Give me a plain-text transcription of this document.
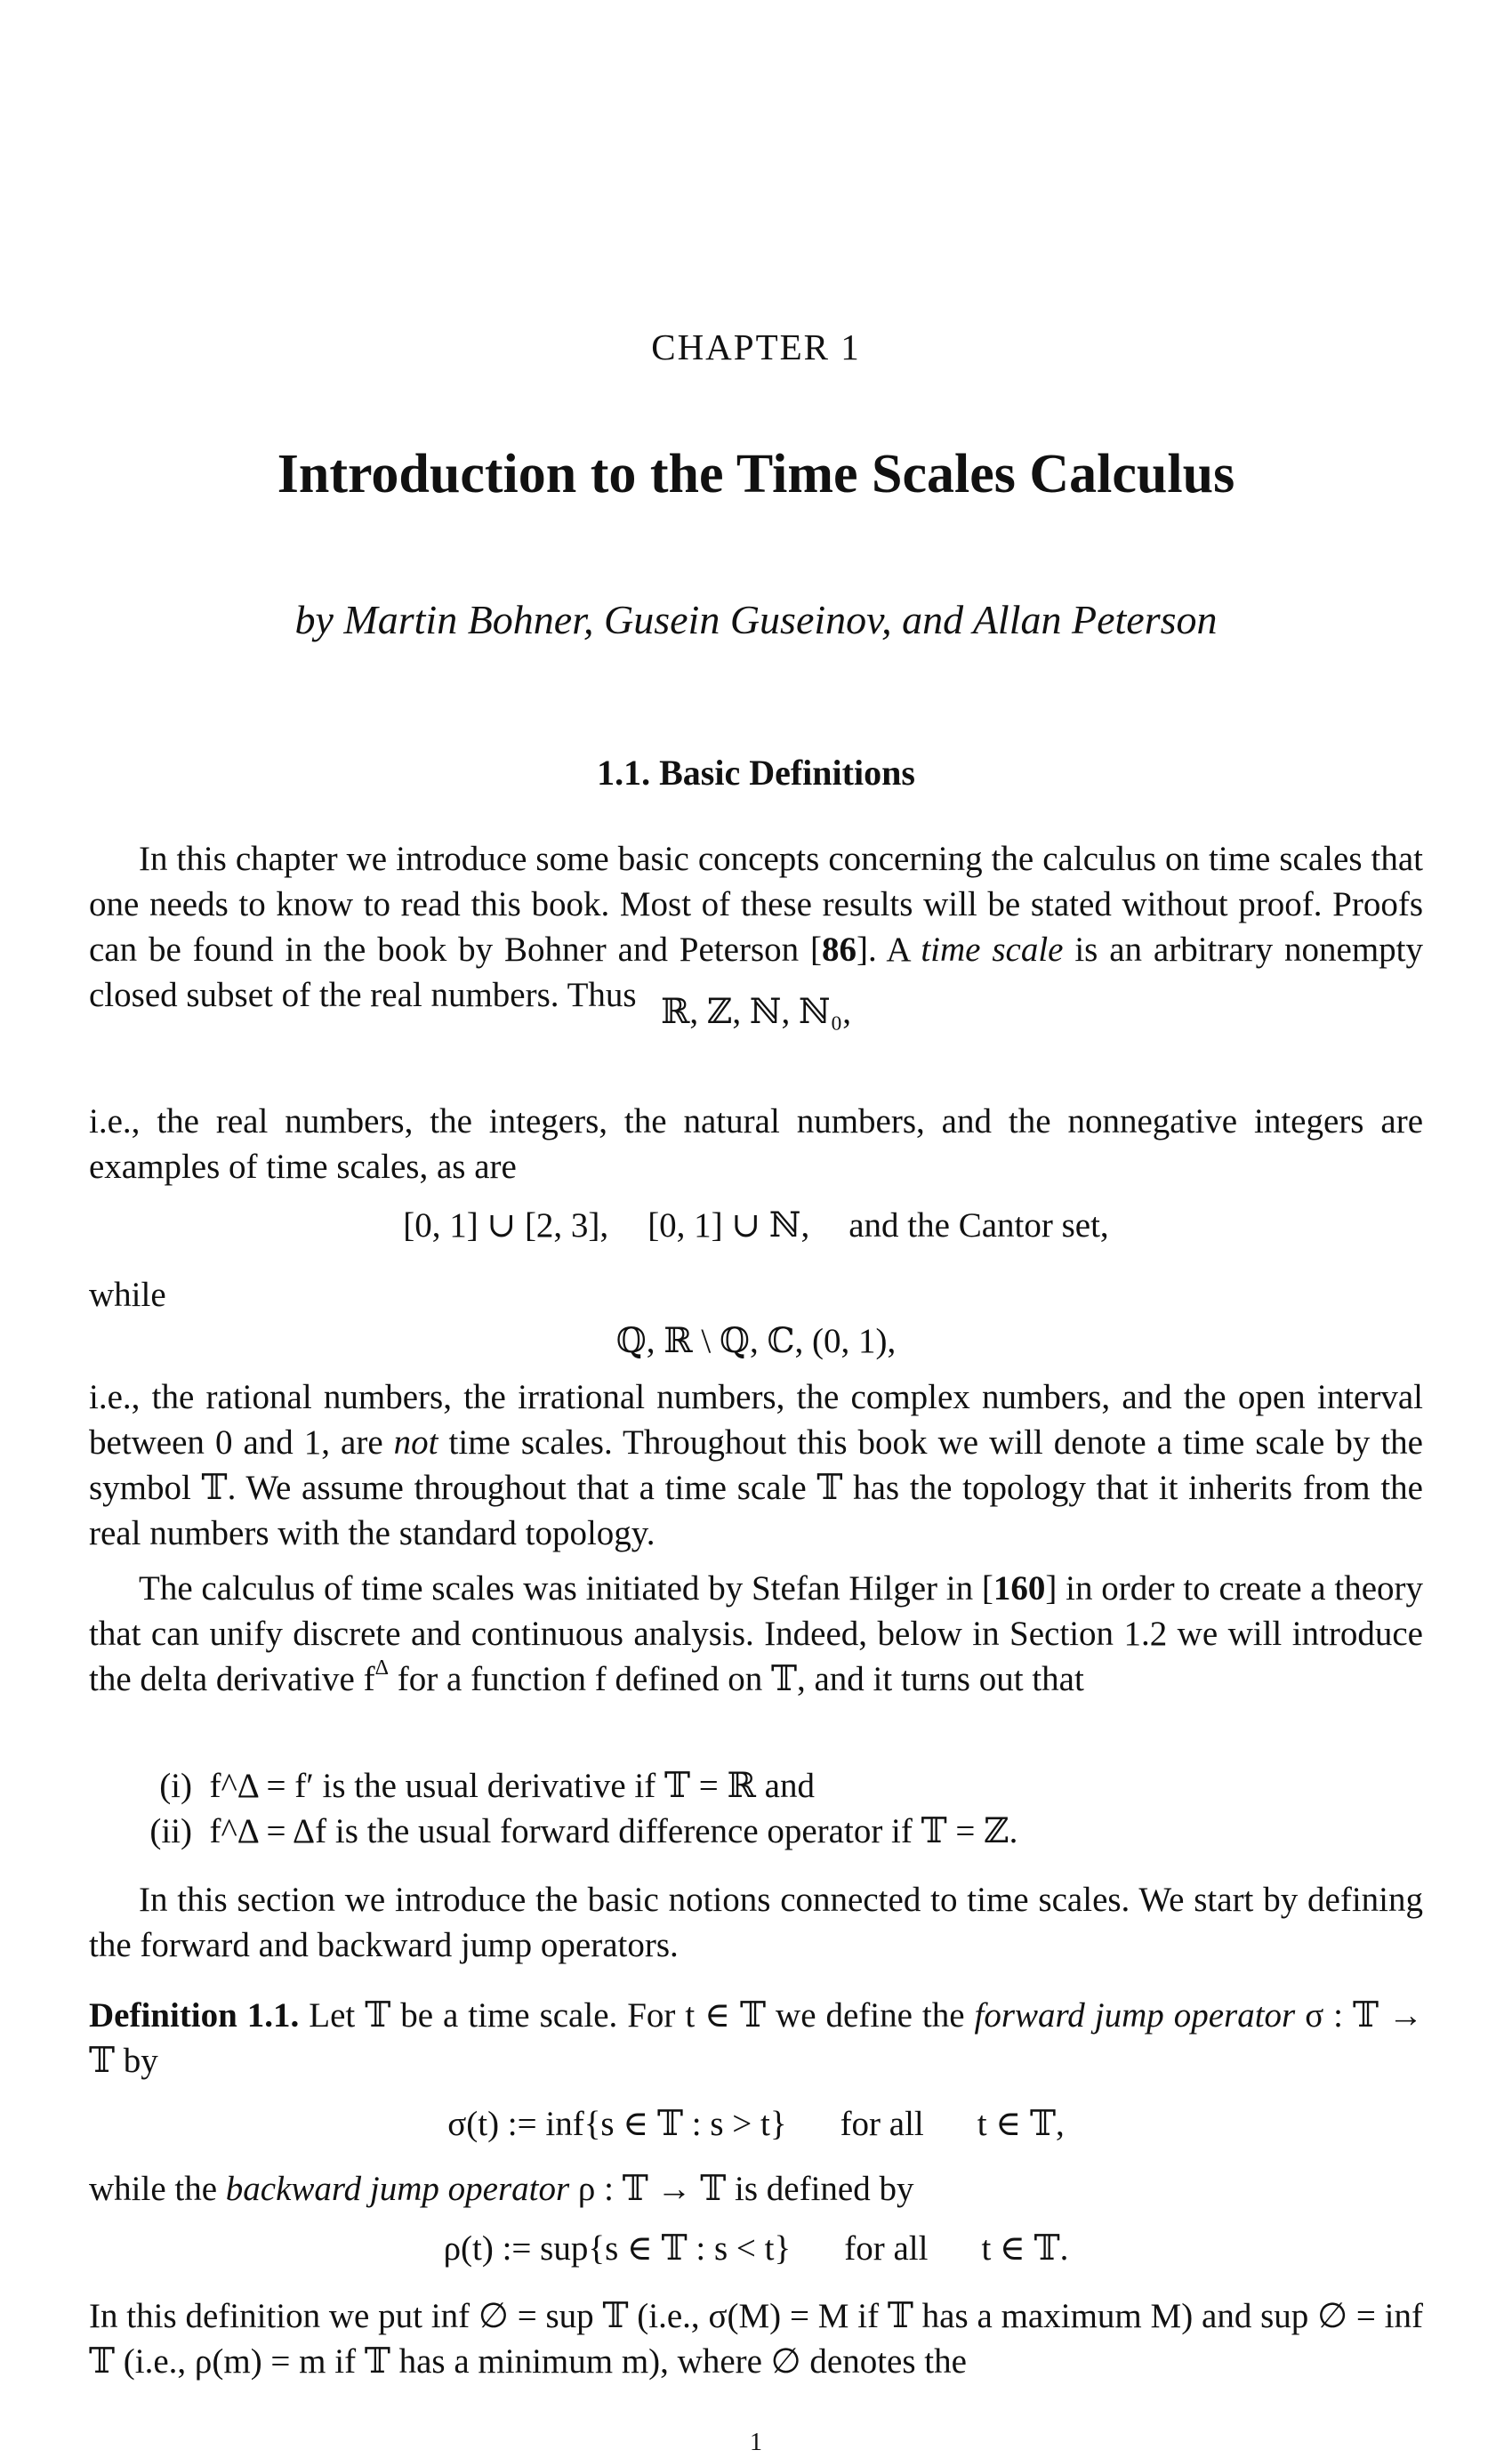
CHAPTER 1
Introduction to the Time Scales Calculus
by Martin Bohner, Gusein Guseinov, and Allan Peterson
1.1. Basic Definitions
In this chapter we introduce some basic concepts concerning the calculus on time scales that one needs to know to read this book. Most of these results will be stated without proof. Proofs can be found in the book by Bohner and Peterson [86]. A time scale is an arbitrary nonempty closed subset of the real numbers. Thus ℝ, ℤ, ℕ, ℕ₀,
i.e., the real numbers, the integers, the natural numbers, and the nonnegative integers are examples of time scales, as are
[0, 1] ∪ [2, 3], [0, 1] ∪ ℕ, and the Cantor set,
while
ℚ, ℝ \ ℚ, ℂ, (0, 1),
i.e., the rational numbers, the irrational numbers, the complex numbers, and the open interval between 0 and 1, are not time scales. Throughout this book we will denote a time scale by the symbol 𝕋. We assume throughout that a time scale 𝕋 has the topology that it inherits from the real numbers with the standard topology.
The calculus of time scales was initiated by Stefan Hilger in [160] in order to create a theory that can unify discrete and continuous analysis. Indeed, below in Section 1.2 we will introduce the delta derivative $f^\Delta$ for a function f defined on 𝕋, and it turns out that
(i) f^Δ = f′ is the usual derivative if 𝕋 = ℝ and
(ii) f^Δ = Δf is the usual forward difference operator if 𝕋 = ℤ.
In this section we introduce the basic notions connected to time scales. We start by defining the forward and backward jump operators.
Definition 1.1. Let 𝕋 be a time scale. For t ∈ 𝕋 we define the forward jump operator σ : 𝕋 → 𝕋 by
σ(t) := inf{s ∈ 𝕋 : s > t} for all t ∈ 𝕋,
while the backward jump operator ρ : 𝕋 → 𝕋 is defined by
ρ(t) := sup{s ∈ 𝕋 : s < t} for all t ∈ 𝕋.
In this definition we put inf ∅ = sup 𝕋 (i.e., σ(M) = M if 𝕋 has a maximum M) and sup ∅ = inf 𝕋 (i.e., ρ(m) = m if 𝕋 has a minimum m), where ∅ denotes the
1
